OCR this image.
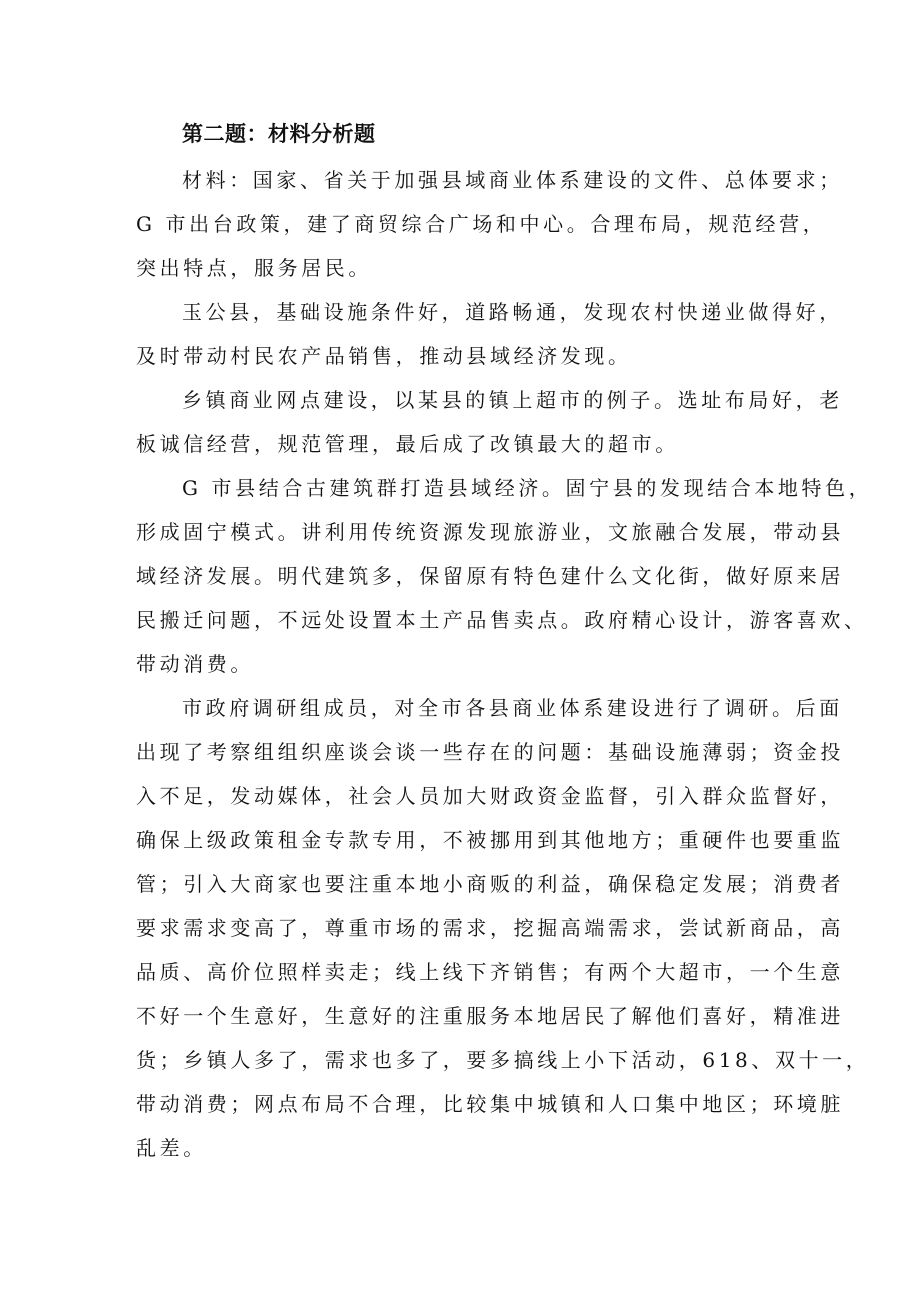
第二题：材料分析题

材料：国家、省关于加强县域商业体系建设的文件、总体要求；

G 市出台政策，建了商贸综合广场和中心。合理布局，规范经营，

突出特点，服务居民。

玉公县，基础设施条件好，道路畅通，发现农村快递业做得好，

及时带动村民农产品销售，推动县域经济发现。

乡镇商业网点建设，以某县的镇上超市的例子。选址布局好，老

板诚信经营，规范管理，最后成了改镇最大的超市。

G 市县结合古建筑群打造县域经济。固宁县的发现结合本地特色，

形成固宁模式。讲利用传统资源发现旅游业，文旅融合发展，带动县

域经济发展。明代建筑多，保留原有特色建什么文化街，做好原来居

民搬迁问题，不远处设置本土产品售卖点。政府精心设计，游客喜欢、

带动消费。

市政府调研组成员，对全市各县商业体系建设进行了调研。后面

出现了考察组组织座谈会谈一些存在的问题：基础设施薄弱；资金投

入不足，发动媒体，社会人员加大财政资金监督，引入群众监督好，

确保上级政策租金专款专用，不被挪用到其他地方；重硬件也要重监

管；引入大商家也要注重本地小商贩的利益，确保稳定发展；消费者

要求需求变高了，尊重市场的需求，挖掘高端需求，尝试新商品，高

品质、高价位照样卖走；线上线下齐销售；有两个大超市，一个生意

不好一个生意好，生意好的注重服务本地居民了解他们喜好，精准进

货；乡镇人多了，需求也多了，要多搞线上小下活动，618、双十一，

带动消费；网点布局不合理，比较集中城镇和人口集中地区；环境脏

乱差。
